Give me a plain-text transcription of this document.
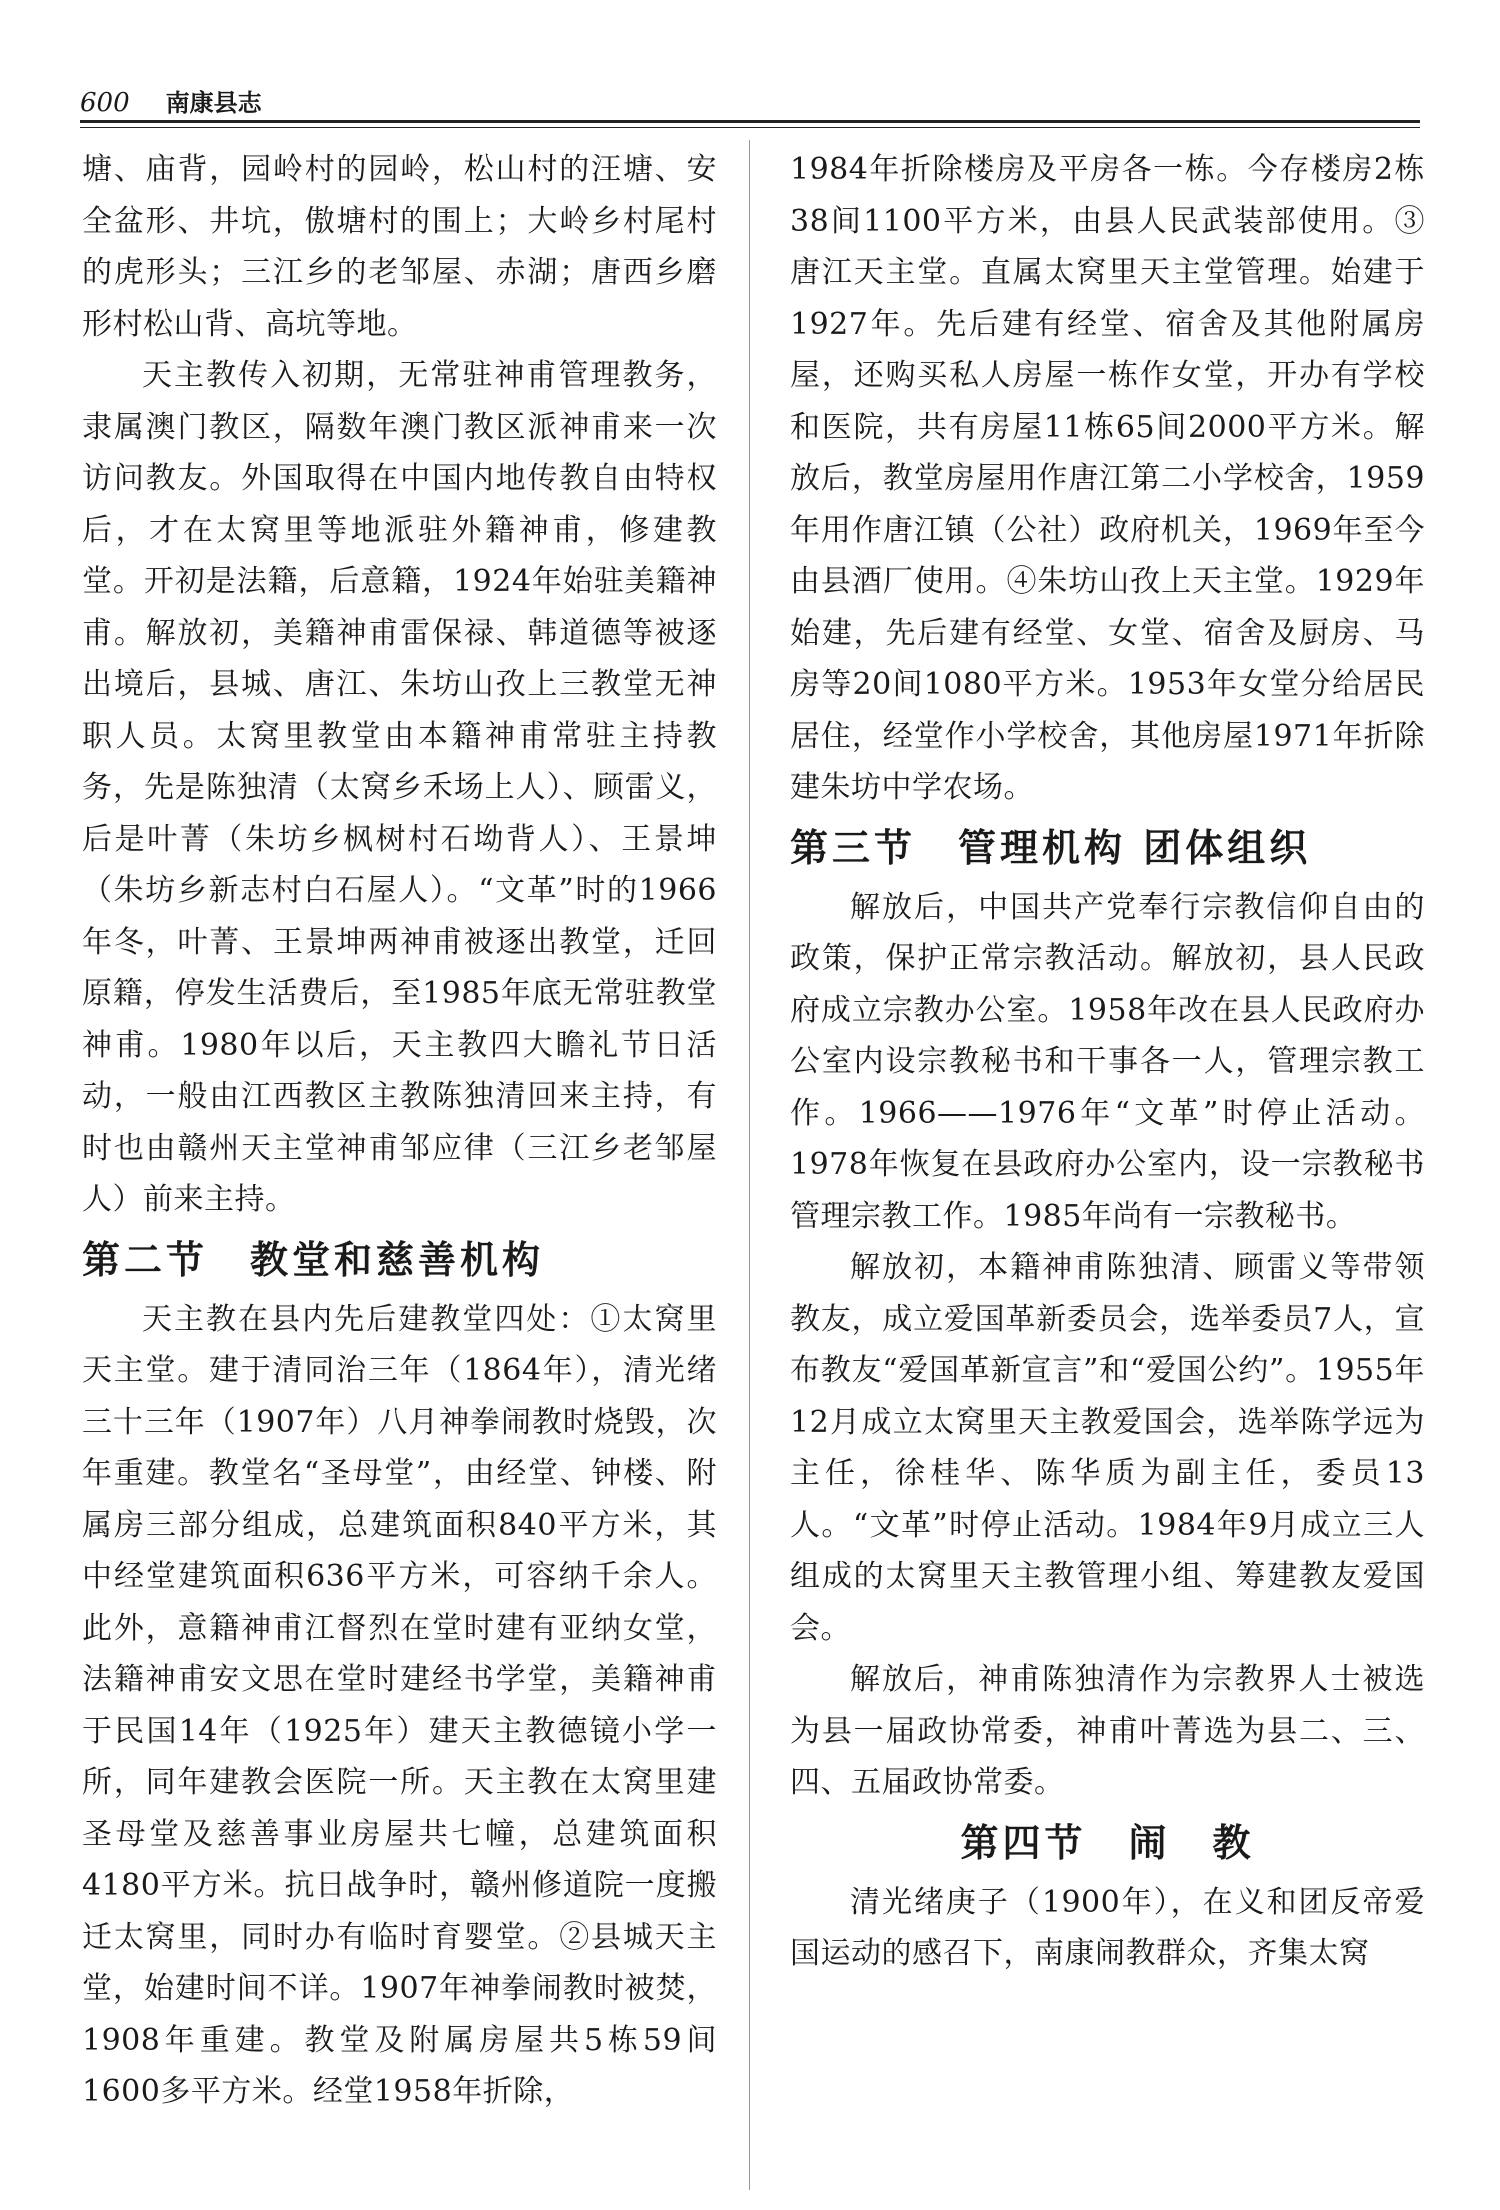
600 南康县志

塘、庙背，园岭村的园岭，松山村的汪塘、安全盆形、井坑，傲塘村的围上；大岭乡村尾村的虎形头；三江乡的老邹屋、赤湖；唐西乡磨形村松山背、高坑等地。

天主教传入初期，无常驻神甫管理教务，隶属澳门教区，隔数年澳门教区派神甫来一次访问教友。外国取得在中国内地传教自由特权后，才在太窝里等地派驻外籍神甫，修建教堂。开初是法籍，后意籍，1924年始驻美籍神甫。解放初，美籍神甫雷保禄、韩道德等被逐出境后，县城、唐江、朱坊山孜上三教堂无神职人员。太窝里教堂由本籍神甫常驻主持教务，先是陈独清（太窝乡禾场上人）、顾雷义，后是叶菁（朱坊乡枫树村石坳背人）、王景坤（朱坊乡新志村白石屋人）。“文革”时的1966年冬，叶菁、王景坤两神甫被逐出教堂，迁回原籍，停发生活费后，至1985年底无常驻教堂神甫。1980年以后，天主教四大瞻礼节日活动，一般由江西教区主教陈独清回来主持，有时也由赣州天主堂神甫邹应律（三江乡老邹屋人）前来主持。

第二节　教堂和慈善机构

天主教在县内先后建教堂四处：①太窝里天主堂。建于清同治三年（1864年），清光绪三十三年（1907年）八月神拳闹教时烧毁，次年重建。教堂名“圣母堂”，由经堂、钟楼、附属房三部分组成，总建筑面积840平方米，其中经堂建筑面积636平方米，可容纳千余人。此外，意籍神甫江督烈在堂时建有亚纳女堂，法籍神甫安文思在堂时建经书学堂，美籍神甫于民国14年（1925年）建天主教德镜小学一所，同年建教会医院一所。天主教在太窝里建圣母堂及慈善事业房屋共七幢，总建筑面积4180平方米。抗日战争时，赣州修道院一度搬迁太窝里，同时办有临时育婴堂。②县城天主堂，始建时间不详。1907年神拳闹教时被焚，1908年重建。教堂及附属房屋共5栋59间1600多平方米。经堂1958年折除，

1984年折除楼房及平房各一栋。今存楼房2栋38间1100平方米，由县人民武装部使用。③唐江天主堂。直属太窝里天主堂管理。始建于1927年。先后建有经堂、宿舍及其他附属房屋，还购买私人房屋一栋作女堂，开办有学校和医院，共有房屋11栋65间2000平方米。解放后，教堂房屋用作唐江第二小学校舍，1959年用作唐江镇（公社）政府机关，1969年至今由县酒厂使用。④朱坊山孜上天主堂。1929年始建，先后建有经堂、女堂、宿舍及厨房、马房等20间1080平方米。1953年女堂分给居民居住，经堂作小学校舍，其他房屋1971年折除建朱坊中学农场。

第三节　管理机构 团体组织

解放后，中国共产党奉行宗教信仰自由的政策，保护正常宗教活动。解放初，县人民政府成立宗教办公室。1958年改在县人民政府办公室内设宗教秘书和干事各一人，管理宗教工作。1966——1976年“文革”时停止活动。1978年恢复在县政府办公室内，设一宗教秘书管理宗教工作。1985年尚有一宗教秘书。

解放初，本籍神甫陈独清、顾雷义等带领教友，成立爱国革新委员会，选举委员7人，宣布教友“爱国革新宣言”和“爱国公约”。1955年12月成立太窝里天主教爱国会，选举陈学远为主任，徐桂华、陈华质为副主任，委员13人。“文革”时停止活动。1984年9月成立三人组成的太窝里天主教管理小组、筹建教友爱国会。

解放后，神甫陈独清作为宗教界人士被选为县一届政协常委，神甫叶菁选为县二、三、四、五届政协常委。

第四节　闹　教

清光绪庚子（1900年），在义和团反帝爱国运动的感召下，南康闹教群众，齐集太窝
